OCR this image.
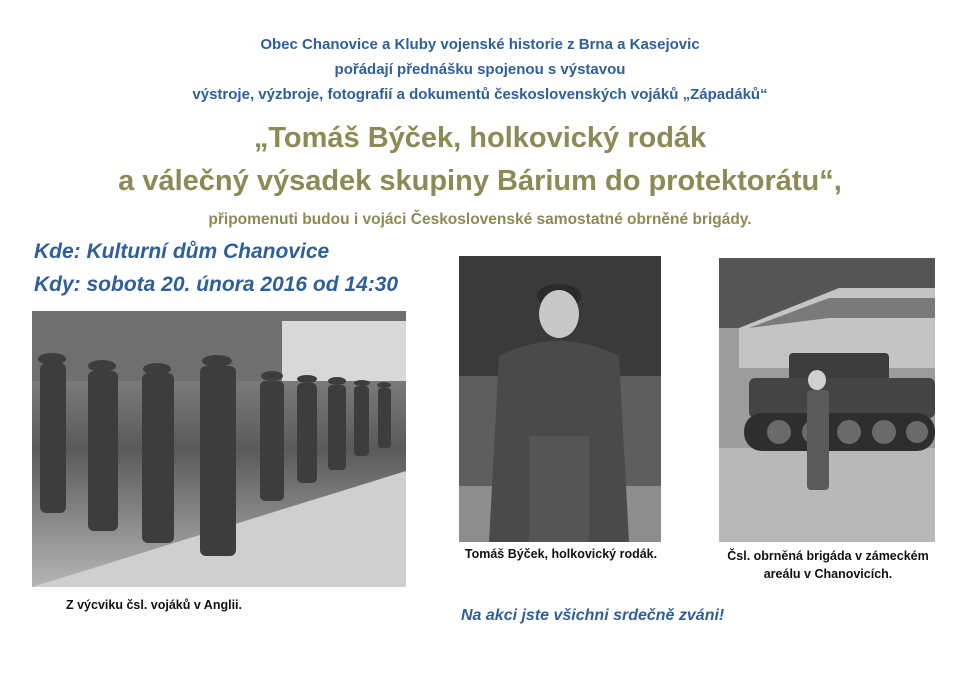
Obec Chanovice a Kluby vojenské historie z Brna a Kasejovic
pořádají přednášku spojenou s výstavou
výstroje, výzbroje, fotografií a dokumentů československých vojáků „Západáků“
„Tomáš Býček, holkovický rodák
a válečný výsadek skupiny Bárium do protektorátu“,
připomenuti budou i vojáci Československé samostatné obrněné brigády.
Kde: Kulturní dům Chanovice
Kdy: sobota 20. února 2016 od 14:30
Z výcviku čsl. vojáků v Anglii.
Tomáš Býček, holkovický rodák.	Čsl. obrněná brigáda v zámeckém
areálu v Chanovicích.
Na akci jste všichni srdečně zváni!
